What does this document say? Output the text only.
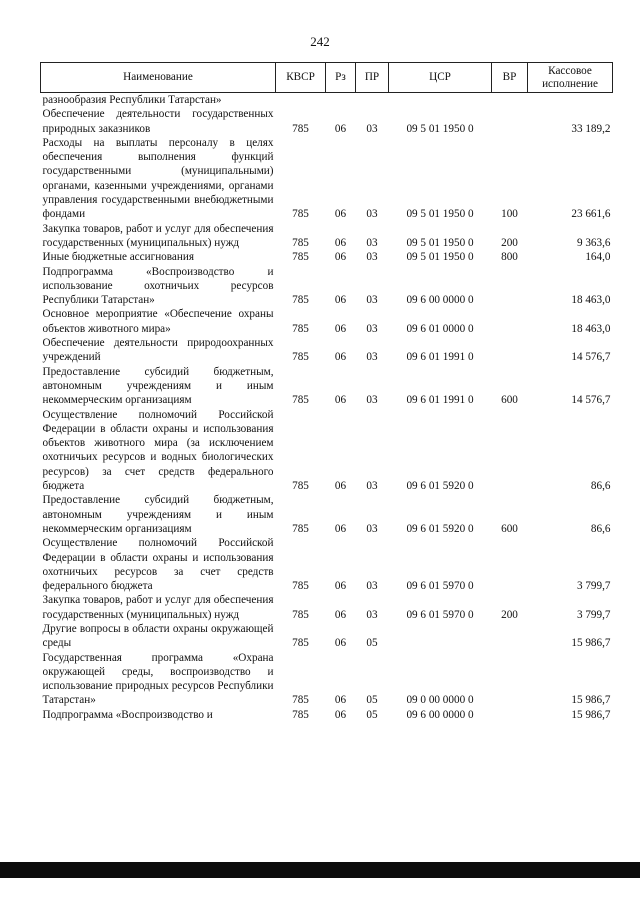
242
Наименование	КВСР	Рз	ПР	ЦСР	ВР	Кассовое исполнение
разнообразия Республики Татарстан»						
Обеспечение деятельности государственных природных заказников	785	06	03	09 5 01 1950 0		33 189,2
Расходы на выплаты персоналу в целях обеспечения выполнения функций государственными (муниципальными) органами, казенными учреждениями, органами управления государственными внебюджетными фондами	785	06	03	09 5 01 1950 0	100	23 661,6
Закупка товаров, работ и услуг для обеспечения государственных (муниципальных) нужд	785	06	03	09 5 01 1950 0	200	9 363,6
Иные бюджетные ассигнования	785	06	03	09 5 01 1950 0	800	164,0
Подпрограмма «Воспроизводство и использование охотничьих ресурсов Республики Татарстан»	785	06	03	09 6 00 0000 0		18 463,0
Основное мероприятие «Обеспечение охраны объектов животного мира»	785	06	03	09 6 01 0000 0		18 463,0
Обеспечение деятельности природоохранных учреждений	785	06	03	09 6 01 1991 0		14 576,7
Предоставление субсидий бюджетным, автономным учреждениям и иным некоммерческим организациям	785	06	03	09 6 01 1991 0	600	14 576,7
Осуществление полномочий Российской Федерации в области охраны и использования объектов животного мира (за исключением охотничьих ресурсов и водных биологических ресурсов) за счет средств федерального бюджета	785	06	03	09 6 01 5920 0		86,6
Предоставление субсидий бюджетным, автономным учреждениям и иным некоммерческим организациям	785	06	03	09 6 01 5920 0	600	86,6
Осуществление полномочий Российской Федерации в области охраны и использования охотничьих ресурсов за счет средств федерального бюджета	785	06	03	09 6 01 5970 0		3 799,7
Закупка товаров, работ и услуг для обеспечения государственных (муниципальных) нужд	785	06	03	09 6 01 5970 0	200	3 799,7
Другие вопросы в области охраны окружающей среды	785	06	05			15 986,7
Государственная программа «Охрана окружающей среды, воспроизводство и использование природных ресурсов Республики Татарстан»	785	06	05	09 0 00 0000 0		15 986,7
Подпрограмма «Воспроизводство и	785	06	05	09 6 00 0000 0		15 986,7
